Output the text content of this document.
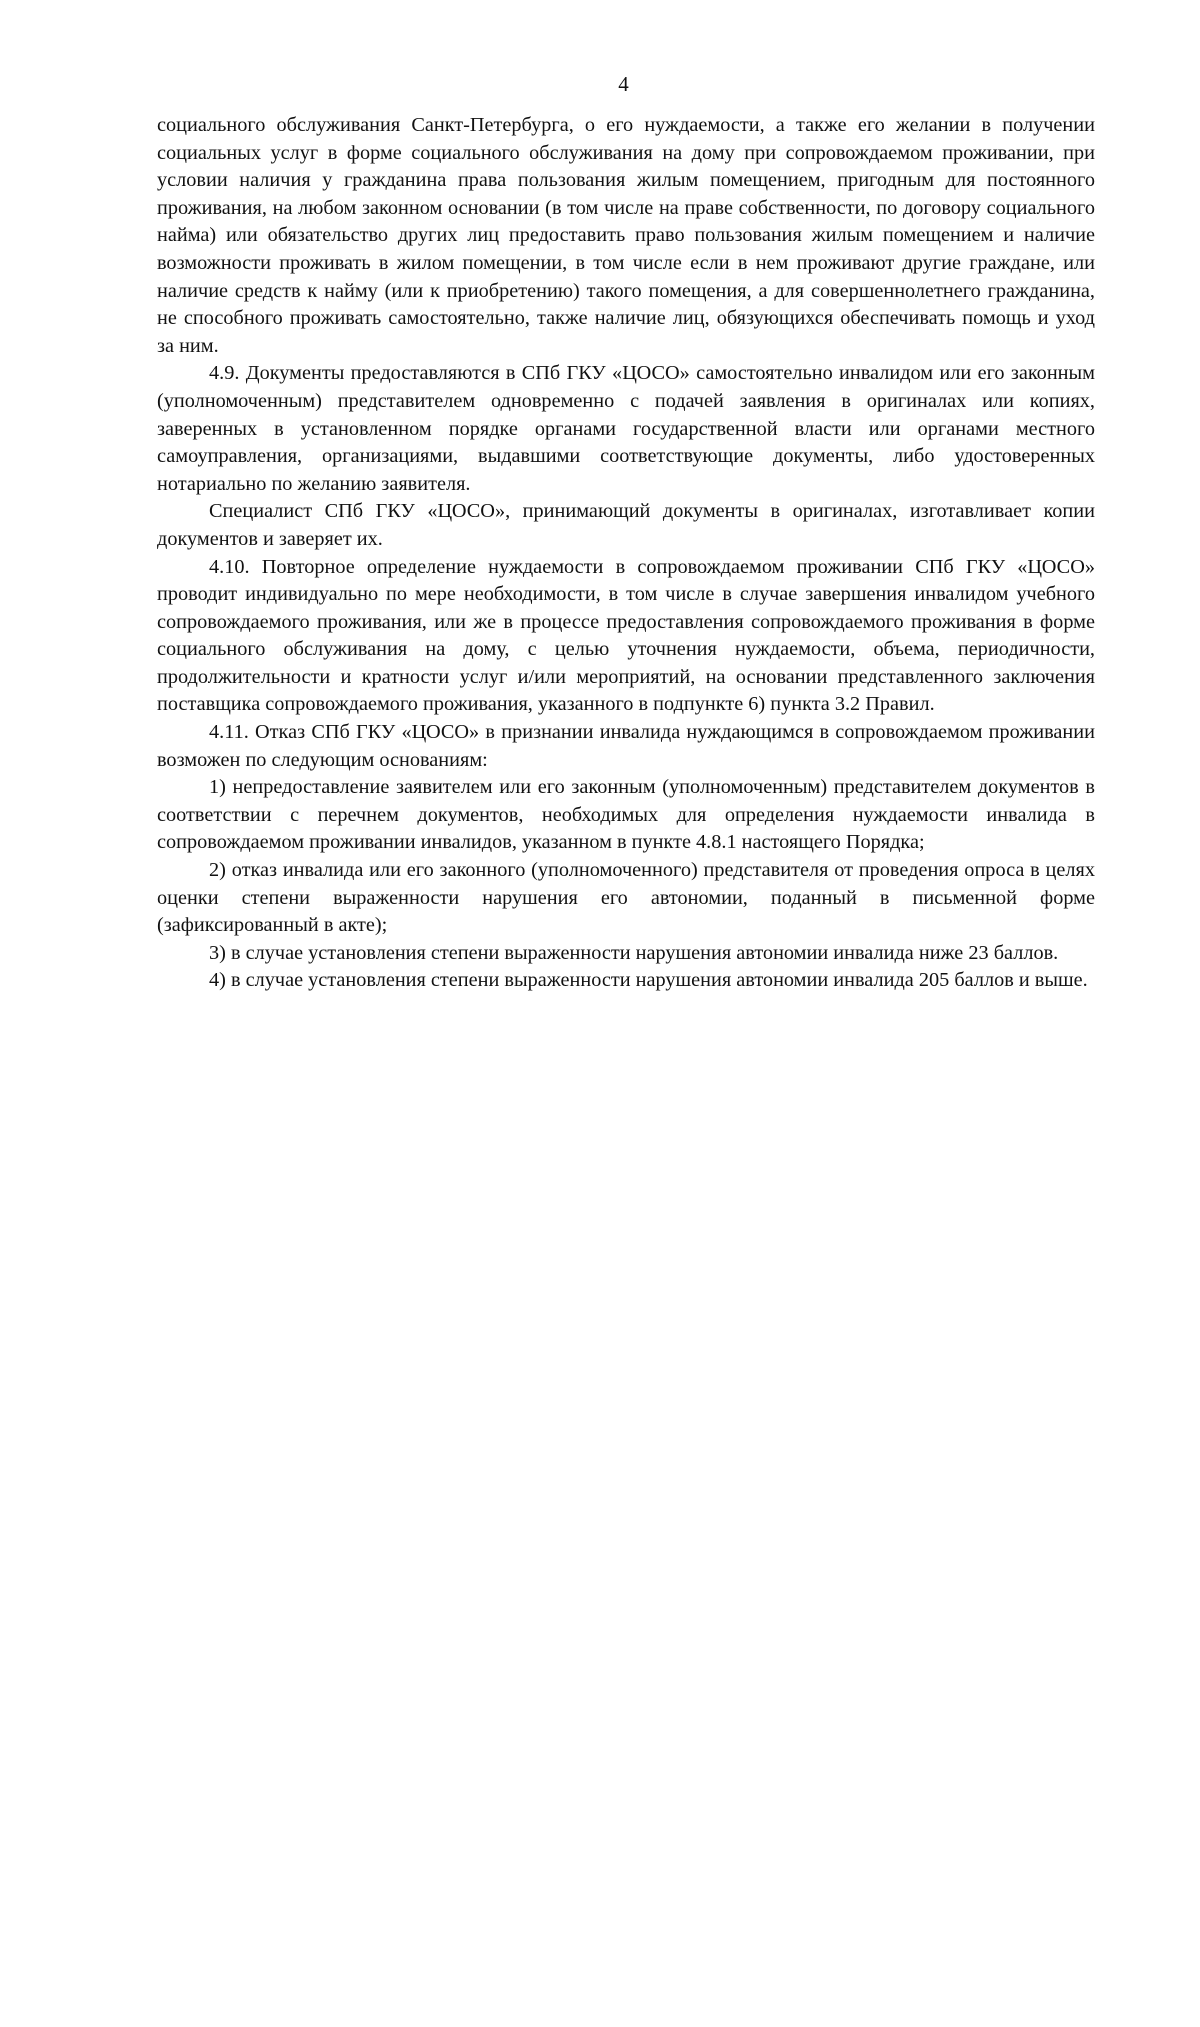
4

социального обслуживания Санкт-Петербурга, о его нуждаемости, а также его желании в получении социальных услуг в форме социального обслуживания на дому при сопровождаемом проживании, при условии наличия у гражданина права пользования жилым помещением, пригодным для постоянного проживания, на любом законном основании (в том числе на праве собственности, по договору социального найма) или обязательство других лиц предоставить право пользования жилым помещением и наличие возможности проживать в жилом помещении, в том числе если в нем проживают другие граждане, или наличие средств к найму (или к приобретению) такого помещения, а для совершеннолетнего гражданина, не способного проживать самостоятельно, также наличие лиц, обязующихся обеспечивать помощь и уход за ним.

4.9. Документы предоставляются в СПб ГКУ «ЦОСО» самостоятельно инвалидом или его законным (уполномоченным) представителем одновременно с подачей заявления в оригиналах или копиях, заверенных в установленном порядке органами государственной власти или органами местного самоуправления, организациями, выдавшими соответствующие документы, либо удостоверенных нотариально по желанию заявителя.

Специалист СПб ГКУ «ЦОСО», принимающий документы в оригиналах, изготавливает копии документов и заверяет их.

4.10. Повторное определение нуждаемости в сопровождаемом проживании СПб ГКУ «ЦОСО» проводит индивидуально по мере необходимости, в том числе в случае завершения инвалидом учебного сопровождаемого проживания, или же в процессе предоставления сопровождаемого проживания в форме социального обслуживания на дому, с целью уточнения нуждаемости, объема, периодичности, продолжительности и кратности услуг и/или мероприятий, на основании представленного заключения поставщика сопровождаемого проживания, указанного в подпункте 6) пункта 3.2 Правил.

4.11. Отказ СПб ГКУ «ЦОСО» в признании инвалида нуждающимся в сопровождаемом проживании возможен по следующим основаниям:

1) непредоставление заявителем или его законным (уполномоченным) представителем документов в соответствии с перечнем документов, необходимых для определения нуждаемости инвалида в сопровождаемом проживании инвалидов, указанном в пункте 4.8.1 настоящего Порядка;

2) отказ инвалида или его законного (уполномоченного) представителя от проведения опроса в целях оценки степени выраженности нарушения его автономии, поданный в письменной форме (зафиксированный в акте);

3) в случае установления степени выраженности нарушения автономии инвалида ниже 23 баллов.

4) в случае установления степени выраженности нарушения автономии инвалида 205 баллов и выше.
